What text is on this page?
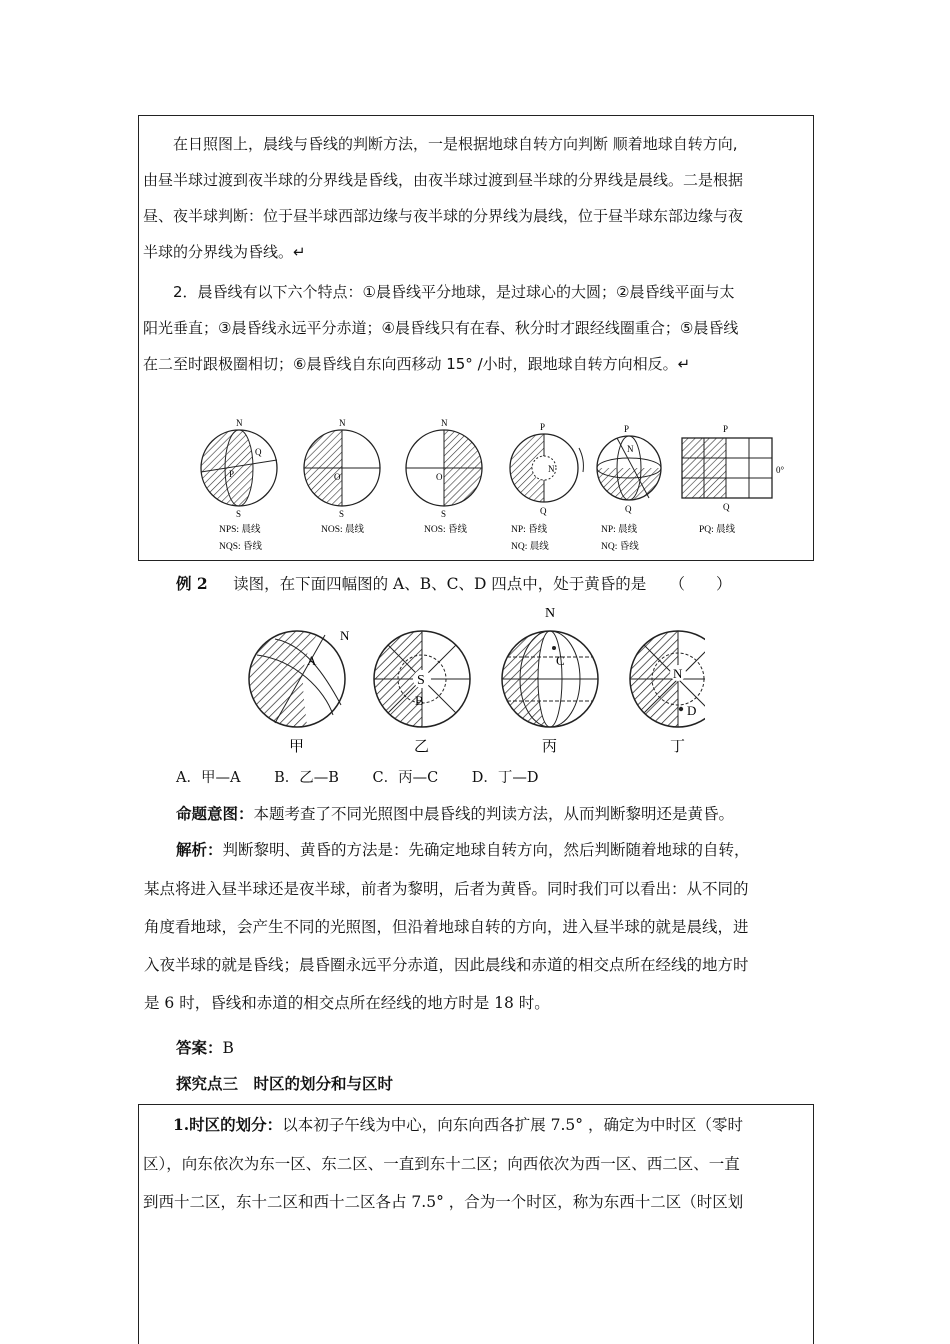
在日照图上，晨线与昏线的判断方法，一是根据地球自转方向判断 顺着地球自转方向,
由昼半球过渡到夜半球的分界线是昏线，由夜半球过渡到昼半球的分界线是晨线。二是根据
昼、夜半球判断：位于昼半球西部边缘与夜半球的分界线为晨线，位于昼半球东部边缘与夜
半球的分界线为昏线。↵
2．晨昏线有以下六个特点：①晨昏线平分地球，是过球心的大圆；②晨昏线平面与太
阳光垂直；③晨昏线永远平分赤道；④晨昏线只有在春、秋分时才跟经线圈重合；⑤晨昏线
在二至时跟极圈相切；⑥晨昏线自东向西移动 15° /小时，跟地球自转方向相反。↵
N
Q
P
S
NPS: 晨线
NQS: 昏线
N
O
S
NOS: 晨线
N
O
S
NOS: 昏线
P
N
Q
NP: 昏线
NQ: 晨线
P
N
Q
NP: 晨线
NQ: 昏线
P
0°
Q
PQ: 晨线
例 2 　 读图，在下面四幅图的 A、B、C、D 四点中，处于黄昏的是　　（　　）
N
A
甲
S
B
乙
N
C
丙
N
D
丁
A．甲—A　　 B．乙—B　　 C．丙—C　　 D．丁—D
命题意图：本题考查了不同光照图中晨昏线的判读方法，从而判断黎明还是黄昏。
解析：判断黎明、黄昏的方法是：先确定地球自转方向，然后判断随着地球的自转，
某点将进入昼半球还是夜半球，前者为黎明，后者为黄昏。同时我们可以看出：从不同的
角度看地球，会产生不同的光照图，但沿着地球自转的方向，进入昼半球的就是晨线，进
入夜半球的就是昏线；晨昏圈永远平分赤道，因此晨线和赤道的相交点所在经线的地方时
是 6 时，昏线和赤道的相交点所在经线的地方时是 18 时。
答案：B
探究点三　时区的划分和与区时
1.时区的划分：以本初子午线为中心，向东向西各扩展 7.5° ，确定为中时区（零时
区），向东依次为东一区、东二区、一直到东十二区；向西依次为西一区、西二区、一直
到西十二区，东十二区和西十二区各占 7.5° ，合为一个时区，称为东西十二区（时区划
